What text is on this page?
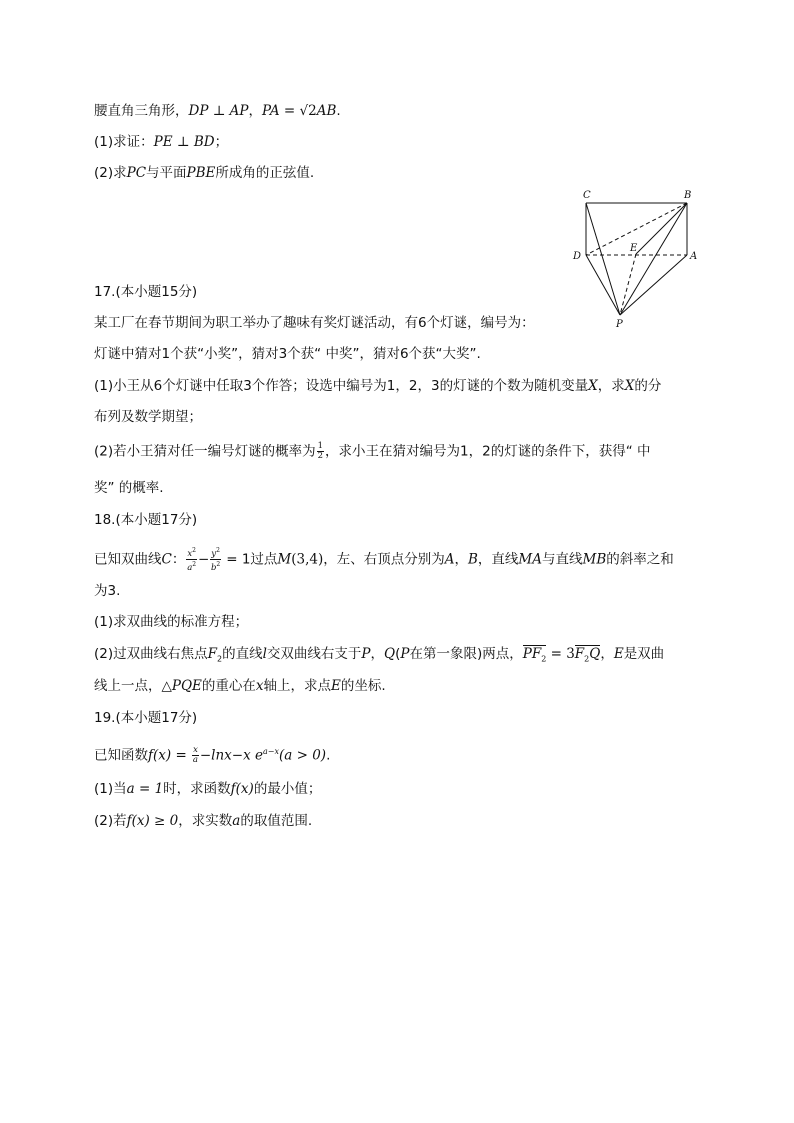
腰直角三角形，DP ⊥ AP，PA = √2AB.
(1)求证：PE ⊥ BD；
(2)求PC与平面PBE所成角的正弦值.
C	B
D
E
A
P
17.(本小题15分)
某工厂在春节期间为职工举办了趣味有奖灯谜活动，有6个灯谜，编号为：
灯谜中猜对1个获“小奖”，猜对3个获“ 中奖”，猜对6个获“大奖”.
(1)小王从6个灯谜中任取3个作答；设选中编号为1，2，3的灯谜的个数为随机变量X，求X的分
布列及数学期望；
(2)若小王猜对任一编号灯谜的概率为 $\frac{1}{2}$ ，求小王在猜对编号为1，2的灯谜的条件下，获得“ 中
奖” 的概率.
18.(本小题17分)
已知双曲线C： $\frac{x^2}{a^2} - \frac{y^2}{b^2} = 1$过点M(3,4)，左、右顶点分别为A，B，直线MA与直线MB的斜率之和
为3.
(1)求双曲线的标准方程；
(2)过双曲线右焦点$F_2$的直线l交双曲线右支于P，Q(P在第一象限)两点，$PF_2 = 3F_2Q$，E是双曲
线上一点，△PQE的重心在x轴上，求点E的坐标.
19.(本小题17分)
已知函数$f(x) = \frac{x}{a} -\ln x-x$ $e^{a-x}(a > 0)$.
(1)当a = 1时，求函数f(x)的最小值；
(2)若f(x) ≥ 0，求实数a的取值范围.
